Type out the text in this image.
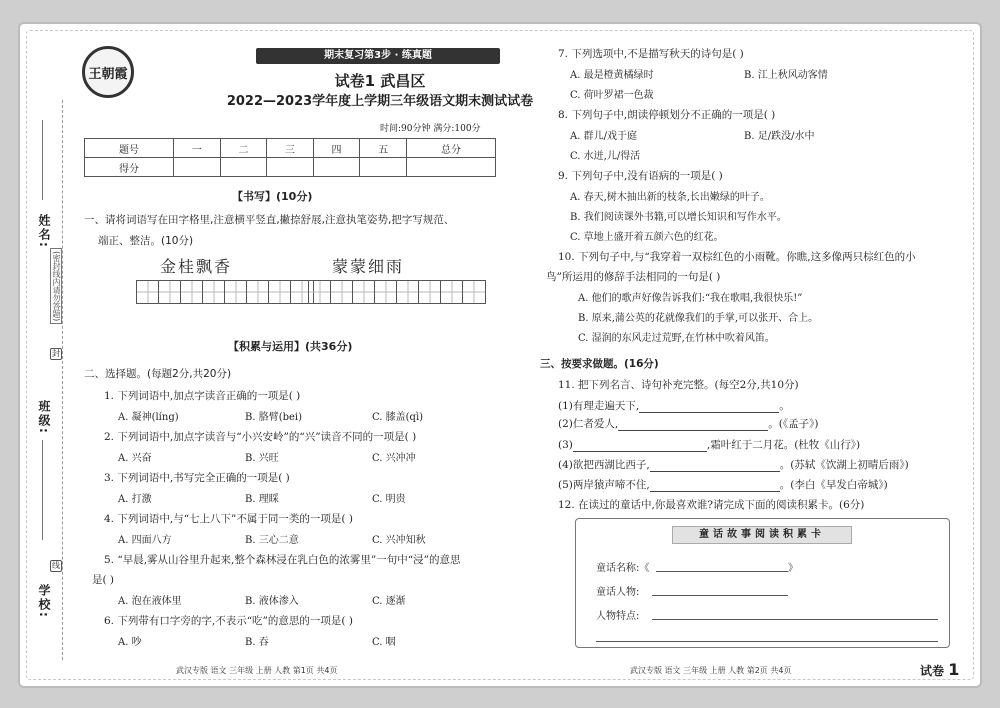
姓名:
(密封线内请勿答题)
封
班级:
线
学校:
王朝霞
期末复习第3步 · 练真题
试卷1 武昌区
2022—2023学年度上学期三年级语文期末测试试卷
时间:90分钟 满分:100分
题号	一	二	三	四	五	总分
得分						
【书写】(10分)
一、请将词语写在田字格里,注意横平竖直,撇捺舒展,注意执笔姿势,把字写规范、
端正、整洁。(10分)
金桂飘香	蒙蒙细雨
【积累与运用】(共36分)
二、选择题。(每题2分,共20分)
1. 下列词语中,加点字读音正确的一项是( )
A. 凝神(líng)	B. 胳臂(bei)	C. 膝盖(qì)
2. 下列词语中,加点字读音与“小兴安岭”的“兴”读音不同的一项是( )
A. 兴奋	B. 兴旺	C. 兴冲冲
3. 下列词语中,书写完全正确的一项是( )
A. 打激	B. 理睬	C. 明贵
4. 下列词语中,与“七上八下”不属于同一类的一项是( )
A. 四面八方	B. 三心二意	C. 兴冲知秋
5. “早晨,雾从山谷里升起来,整个森林浸在乳白色的浓雾里”一句中“浸”的意思
是( )
A. 泡在液体里	B. 液体渗入	C. 逐渐
6. 下列带有口字旁的字,不表示“吃”的意思的一项是( )
A. 吵	B. 吞	C. 咽
7. 下列选项中,不是描写秋天的诗句是( )
A. 最是橙黄橘绿时	B. 江上秋风动客情
C. 荷叶罗裙一色裁
8. 下列句子中,朗读停顿划分不正确的一项是( )
A. 群儿/戏于庭	B. 足/跌没/水中
C. 水迸,儿/得活
9. 下列句子中,没有语病的一项是( )
A. 春天,树木抽出新的枝条,长出嫩绿的叶子。
B. 我们阅读课外书籍,可以增长知识和写作水平。
C. 草地上盛开着五颜六色的红花。
10. 下列句子中,与“我穿着一双棕红色的小雨靴。你瞧,这多像两只棕红色的小
鸟”所运用的修辞手法相同的一句是( )
A. 他们的歌声好像告诉我们:“我在歌唱,我很快乐!”
B. 原来,蒲公英的花就像我们的手掌,可以张开、合上。
C. 湿润的东风走过荒野,在竹林中吹着风笛。
三、按要求做题。(16分)
11. 把下列名言、诗句补充完整。(每空2分,共10分)
(1)有理走遍天下,	。
(2)仁者爱人,	。(《孟子》)
(3)	,霜叶红于二月花。(杜牧《山行》)
(4)欲把西湖比西子,	。(苏轼《饮湖上初晴后雨》)
(5)两岸猿声啼不住,	。(李白《早发白帝城》)
12. 在读过的童话中,你最喜欢谁?请完成下面的阅读积累卡。(6分)
童话故事阅读积累卡
童话名称:《	》
童话人物:
人物特点:
武汉专版 语文 三年级 上册 人教 第1页 共4页	武汉专版 语文 三年级 上册 人教 第2页 共4页	试卷 1
